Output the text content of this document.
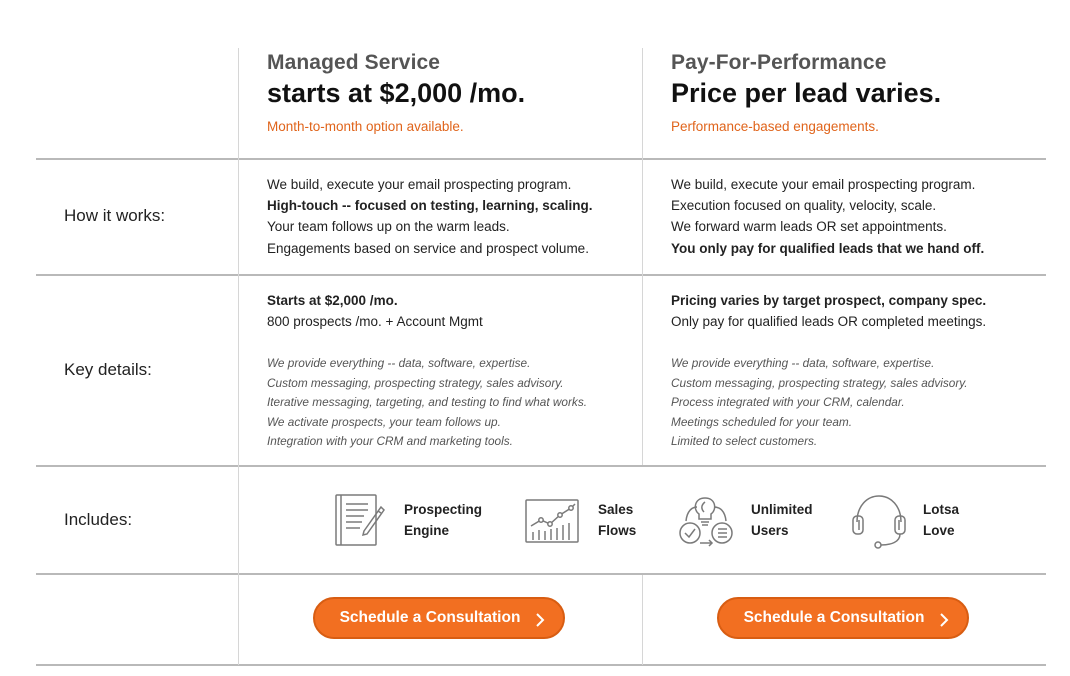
Managed Service
starts at $2,000 /mo.
Month-to-month option available.
Pay-For-Performance
Price per lead varies.
Performance-based engagements.
How it works:
Key details:
Includes:
We build, execute your email prospecting program.
High-touch -- focused on testing, learning, scaling.
Your team follows up on the warm leads.
Engagements based on service and prospect volume.
We build, execute your email prospecting program.
Execution focused on quality, velocity, scale.
We forward warm leads OR set appointments.
You only pay for qualified leads that we hand off.
Starts at $2,000 /mo.
800 prospects /mo. + Account Mgmt
We provide everything -- data, software, expertise.
Custom messaging, prospecting strategy, sales advisory.
Iterative messaging, targeting, and testing to find what works.
We activate prospects, your team follows up.
Integration with your CRM and marketing tools.
Pricing varies by target prospect, company spec.
Only pay for qualified leads OR completed meetings.
We provide everything -- data, software, expertise.
Custom messaging, prospecting strategy, sales advisory.
Process integrated with your CRM, calendar.
Meetings scheduled for your team.
Limited to select customers.
Prospecting
Engine
Sales
Flows
Unlimited
Users
Lotsa
Love
Schedule a Consultation	Schedule a Consultation
